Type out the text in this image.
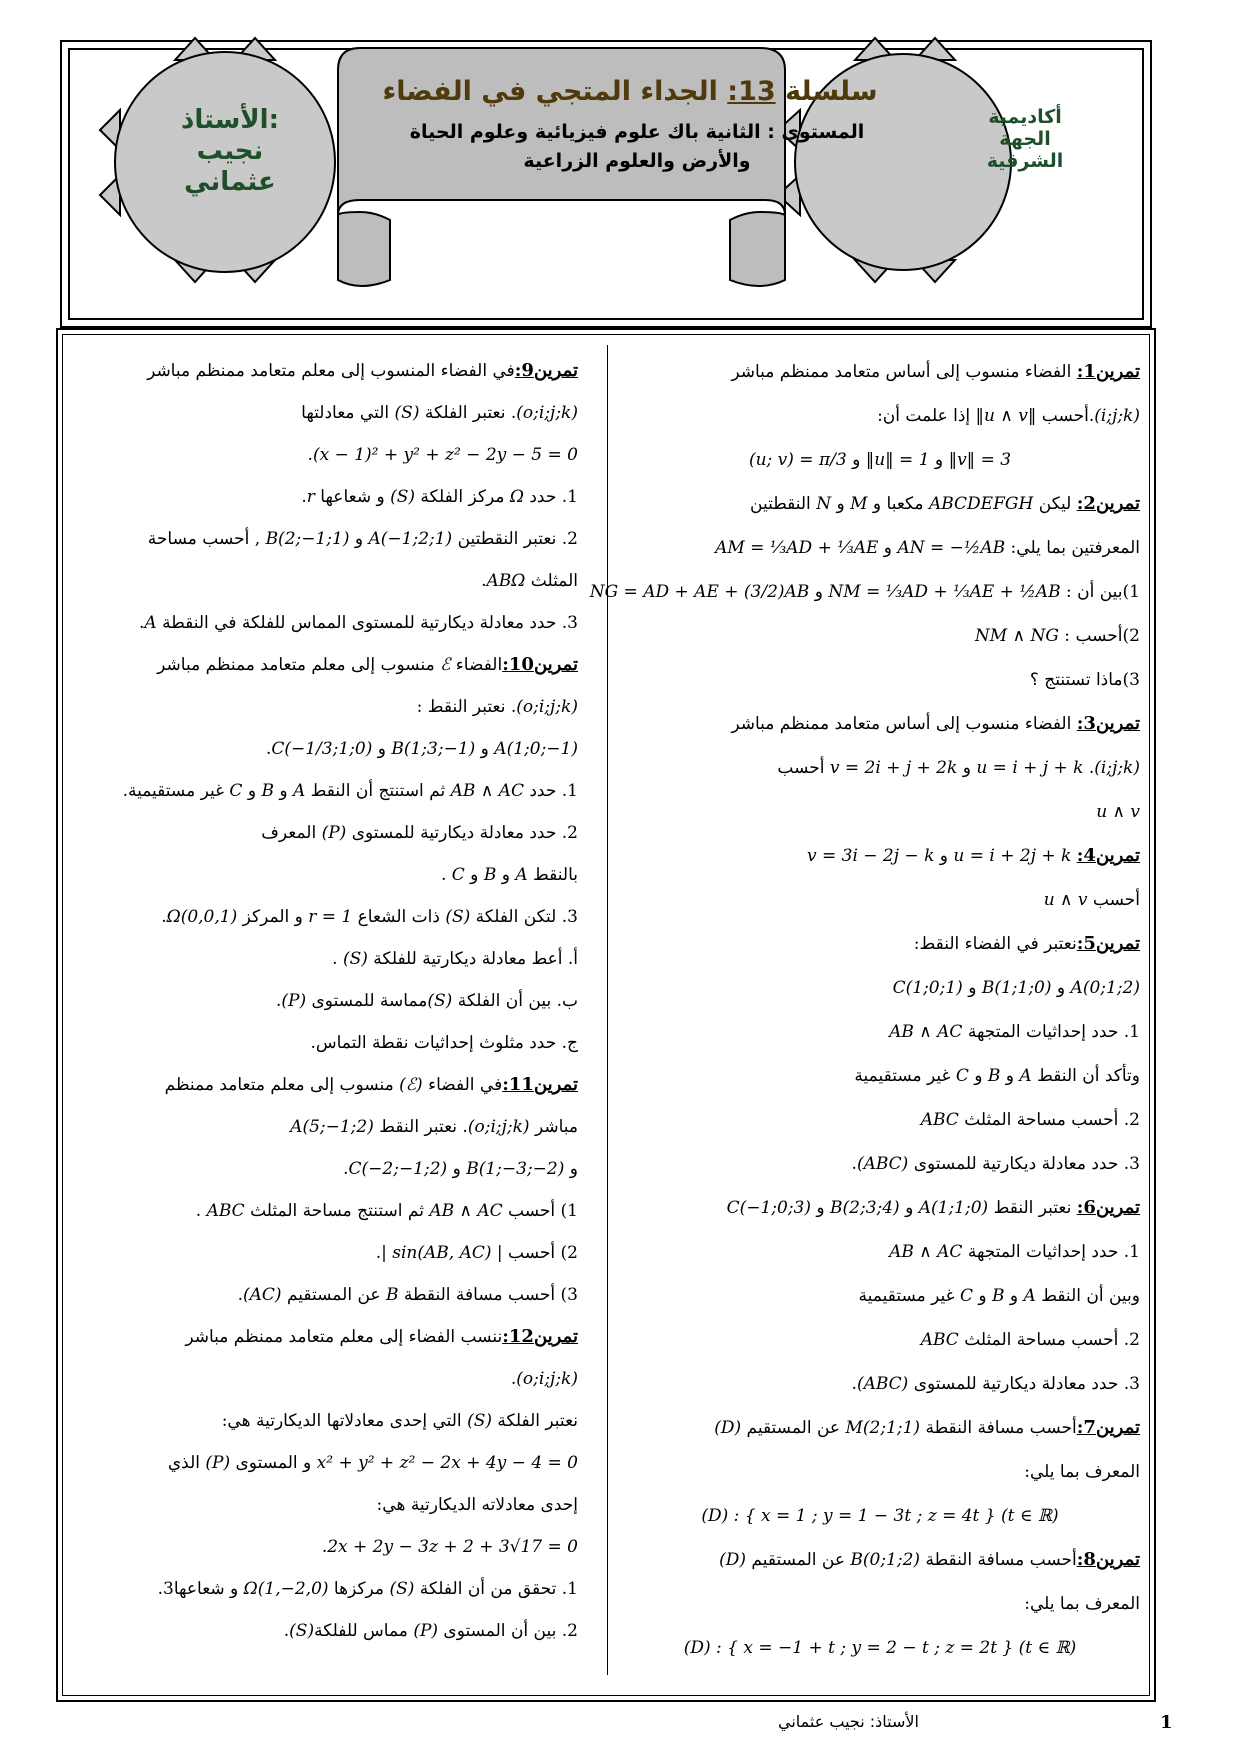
الأستاذ:
نجيب
عثماني
أكاديمية
الجهة
الشرقية
سلسلة 13: الجداء المتجي في الفضاء
المستوى : الثانية باك علوم فيزيائية وعلوم الحياة
والأرض والعلوم الزراعية
تمرين1: الفضاء منسوب إلى أساس متعامد ممنظم مباشر
(i;j;k).أحسب ‖u ∧ v‖ إذا علمت أن:
‖v‖ = 3 و ‖u‖ = 1 و (u; v) = π/3
تمرين2: ليكن ABCDEFGH مكعبا و M و N النقطتين
المعرفتين بما يلي: AN = −½AB و AM = ⅓AD + ⅓AE
1)بين أن : NM = ⅓AD + ⅓AE + ½AB و NG = AD + AE + (3/2)AB
2)أحسب : NM ∧ NG
3)ماذا تستنتج ؟
تمرين3: الفضاء منسوب إلى أساس متعامد ممنظم مباشر
(i;j;k). u = i + j + k و v = 2i + j + 2k أحسب
u ∧ v
تمرين4: u = i + 2j + k و v = 3i − 2j − k
أحسب u ∧ v
تمرين5:نعتبر في الفضاء النقط:
A(0;1;2) و B(1;1;0) و C(1;0;1)
1. حدد إحداثيات المتجهة AB ∧ AC
وتأكد أن النقط A و B و C غير مستقيمية
2. أحسب مساحة المثلث ABC
3. حدد معادلة ديكارتية للمستوى (ABC).
تمرين6: نعتبر النقط A(1;1;0) و B(2;3;4) و C(−1;0;3)
1. حدد إحداثيات المتجهة AB ∧ AC
وبين أن النقط A و B و C غير مستقيمية
2. أحسب مساحة المثلث ABC
3. حدد معادلة ديكارتية للمستوى (ABC).
تمرين7:أحسب مسافة النقطة M(2;1;1) عن المستقيم (D)
المعرف بما يلي:
(D) : { x = 1 ; y = 1 − 3t ; z = 4t } (t ∈ ℝ)
تمرين8:أحسب مسافة النقطة B(0;1;2) عن المستقيم (D)
المعرف بما يلي:
(D) : { x = −1 + t ; y = 2 − t ; z = 2t } (t ∈ ℝ)
تمرين9:في الفضاء المنسوب إلى معلم متعامد ممنظم مباشر
(o;i;j;k). نعتبر الفلكة (S) التي معادلتها
(x − 1)² + y² + z² − 2y − 5 = 0.
1. حدد Ω مركز الفلكة (S) و شعاعها r.
2. نعتبر النقطتين A(−1;2;1) و B(2;−1;1) , أحسب مساحة
المثلث ABΩ.
3. حدد معادلة ديكارتية للمستوى المماس للفلكة في النقطة A.
تمرين10:الفضاء ℰ منسوب إلى معلم متعامد ممنظم مباشر
(o;i;j;k). نعتبر النقط :
A(1;0;−1) و B(1;3;−1) و C(−1/3;1;0).
1. حدد AB ∧ AC ثم استنتج أن النقط A و B و C غير مستقيمية.
2. حدد معادلة ديكارتية للمستوى (P) المعرف
بالنقط A و B و C .
3. لتكن الفلكة (S) ذات الشعاع r = 1 و المركز Ω(0,0,1).
أ. أعط معادلة ديكارتية للفلكة (S) .
ب. بين أن الفلكة (S)مماسة للمستوى (P).
ج. حدد مثلوث إحداثيات نقطة التماس.
تمرين11:في الفضاء (ℰ) منسوب إلى معلم متعامد ممنظم
مباشر (o;i;j;k). نعتبر النقط A(5;−1;2)
و B(1;−3;−2) و C(−2;−1;2).
1) أحسب AB ∧ AC ثم استنتج مساحة المثلث ABC .
2) أحسب | sin(AB, AC) |.
3) أحسب مسافة النقطة B عن المستقيم (AC).
تمرين12:ننسب الفضاء إلى معلم متعامد ممنظم مباشر
(o;i;j;k).
نعتبر الفلكة (S) التي إحدى معادلاتها الديكارتية هي:
x² + y² + z² − 2x + 4y − 4 = 0 و المستوى (P) الذي
إحدى معادلاته الديكارتية هي:
2x + 2y − 3z + 2 + 3√17 = 0.
1. تحقق من أن الفلكة (S) مركزها Ω(1,−2,0) و شعاعها3.
2. بين أن المستوى (P) مماس للفلكة(S).
الأستاذ: نجيب عثماني	1
